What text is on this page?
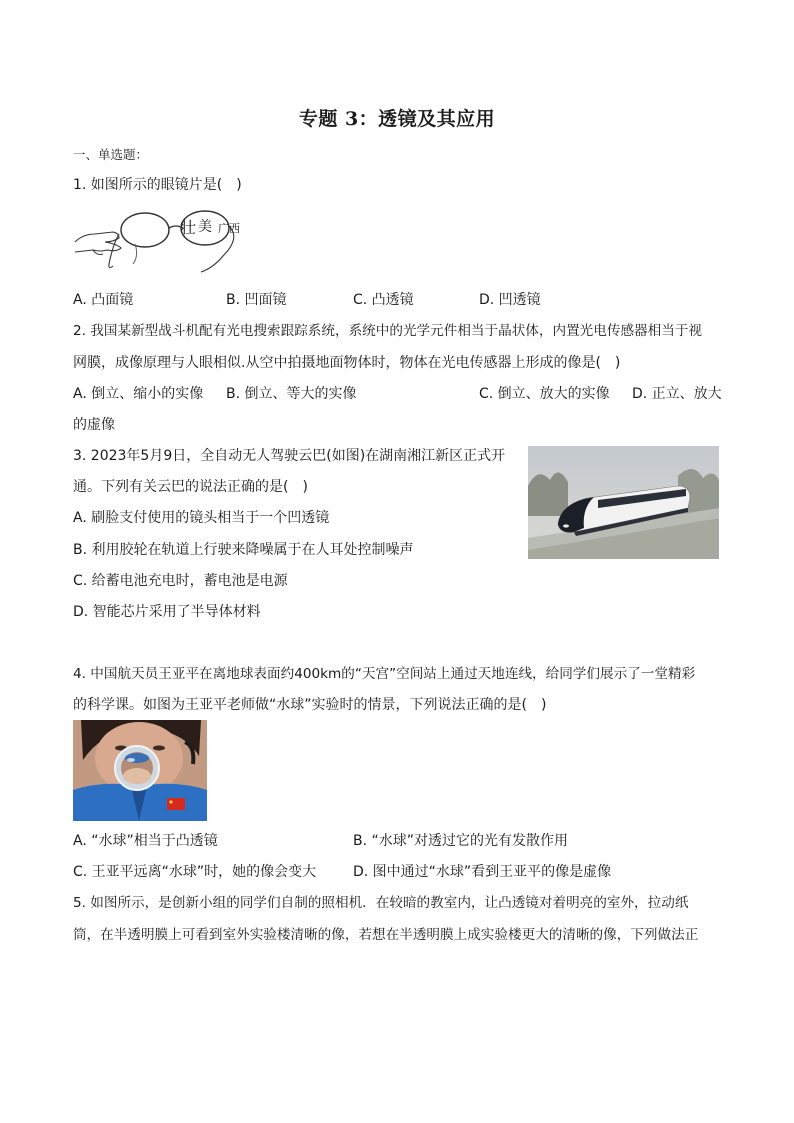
专题 3：透镜及其应用
一、单选题：
1. 如图所示的眼镜片是(　)
壮 美 广西
A. 凸面镜	B. 凹面镜	C. 凸透镜	D. 凹透镜
2. 我国某新型战斗机配有光电搜索跟踪系统，系统中的光学元件相当于晶状体，内置光电传感器相当于视
网膜，成像原理与人眼相似.从空中拍摄地面物体时，物体在光电传感器上形成的像是(　)
A. 倒立、缩小的实像 B. 倒立、等大的实像	C. 倒立、放大的实像 D. 正立、放大
的虚像
3. 2023年5月9日，全自动无人驾驶云巴(如图)在湖南湘江新区正式开
通。下列有关云巴的说法正确的是(　)
A. 刷脸支付使用的镜头相当于一个凹透镜
B. 利用胶轮在轨道上行驶来降噪属于在人耳处控制噪声
C. 给蓄电池充电时，蓄电池是电源
D. 智能芯片采用了半导体材料
4. 中国航天员王亚平在离地球表面约400km的“天宫”空间站上通过天地连线，给同学们展示了一堂精彩
的科学课。如图为王亚平老师做“水球”实验时的情景，下列说法正确的是(　)
A. “水球”相当于凸透镜	B. “水球”对透过它的光有发散作用
C. 王亚平远离“水球”时，她的像会变大	D. 图中通过“水球”看到王亚平的像是虚像
5. 如图所示，是创新小组的同学们自制的照相机．在较暗的教室内，让凸透镜对着明亮的室外，拉动纸
筒，在半透明膜上可看到室外实验楼清晰的像，若想在半透明膜上成实验楼更大的清晰的像，下列做法正
